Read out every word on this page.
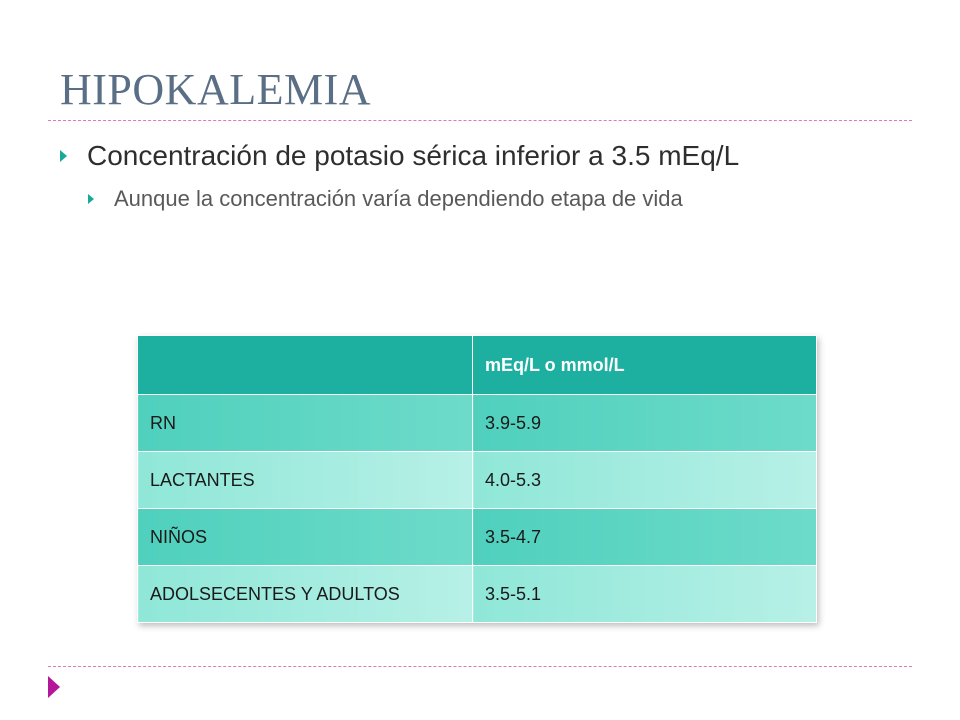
HIPOKALEMIA
Concentración de potasio sérica inferior a 3.5 mEq/L
Aunque la concentración varía dependiendo etapa de vida
	mEq/L o mmol/L
RN	3.9-5.9
LACTANTES	4.0-5.3
NIÑOS	3.5-4.7
ADOLSECENTES Y ADULTOS	3.5-5.1
